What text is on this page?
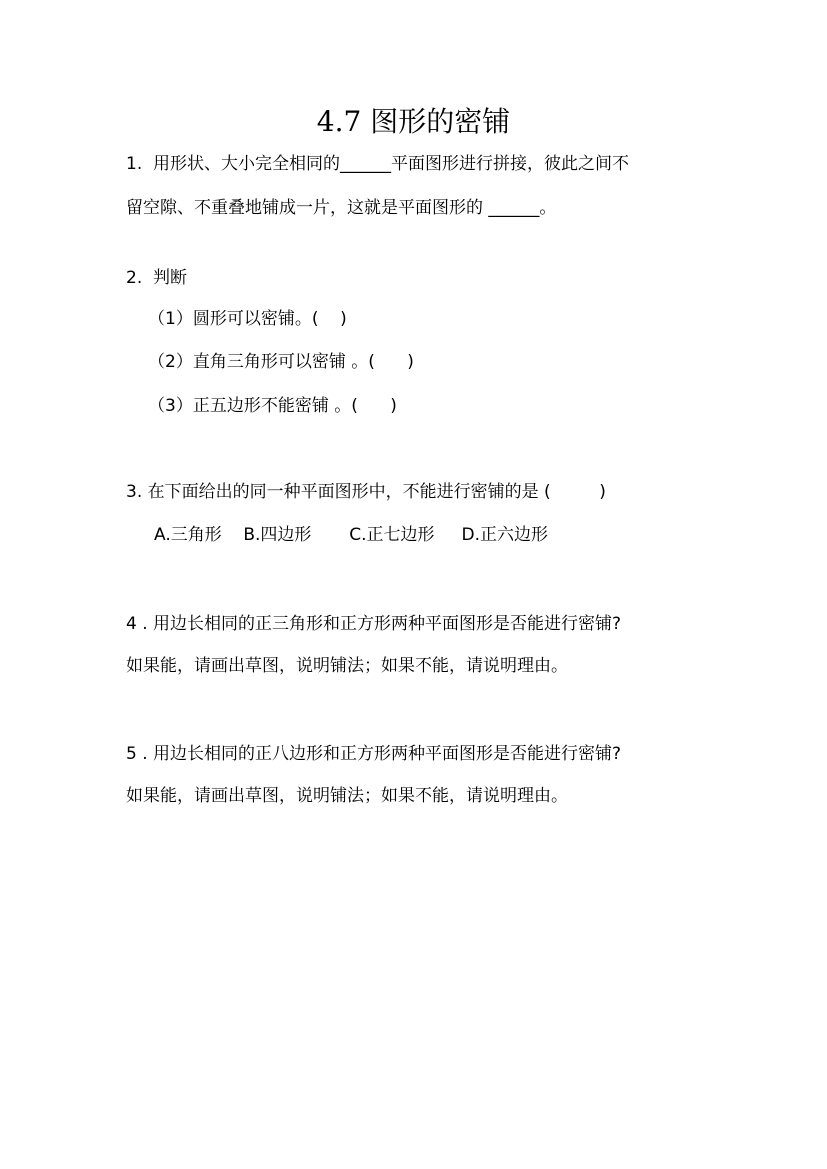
4.7 图形的密铺
1.  用形状、大小完全相同的______平面图形进行拼接，彼此之间不
留空隙、不重叠地铺成一片，这就是平面图形的 ______。
2.  判断
（1）圆形可以密铺。(    )
（2）直角三角形可以密铺 。(      )
（3）正五边形不能密铺 。(      )
3. 在下面给出的同一种平面图形中，不能进行密铺的是 (         )
A.三角形    B.四边形       C.正七边形     D.正六边形
4 . 用边长相同的正三角形和正方形两种平面图形是否能进行密铺?
如果能，请画出草图，说明铺法；如果不能，请说明理由。
5 . 用边长相同的正八边形和正方形两种平面图形是否能进行密铺?
如果能，请画出草图，说明铺法；如果不能，请说明理由。
